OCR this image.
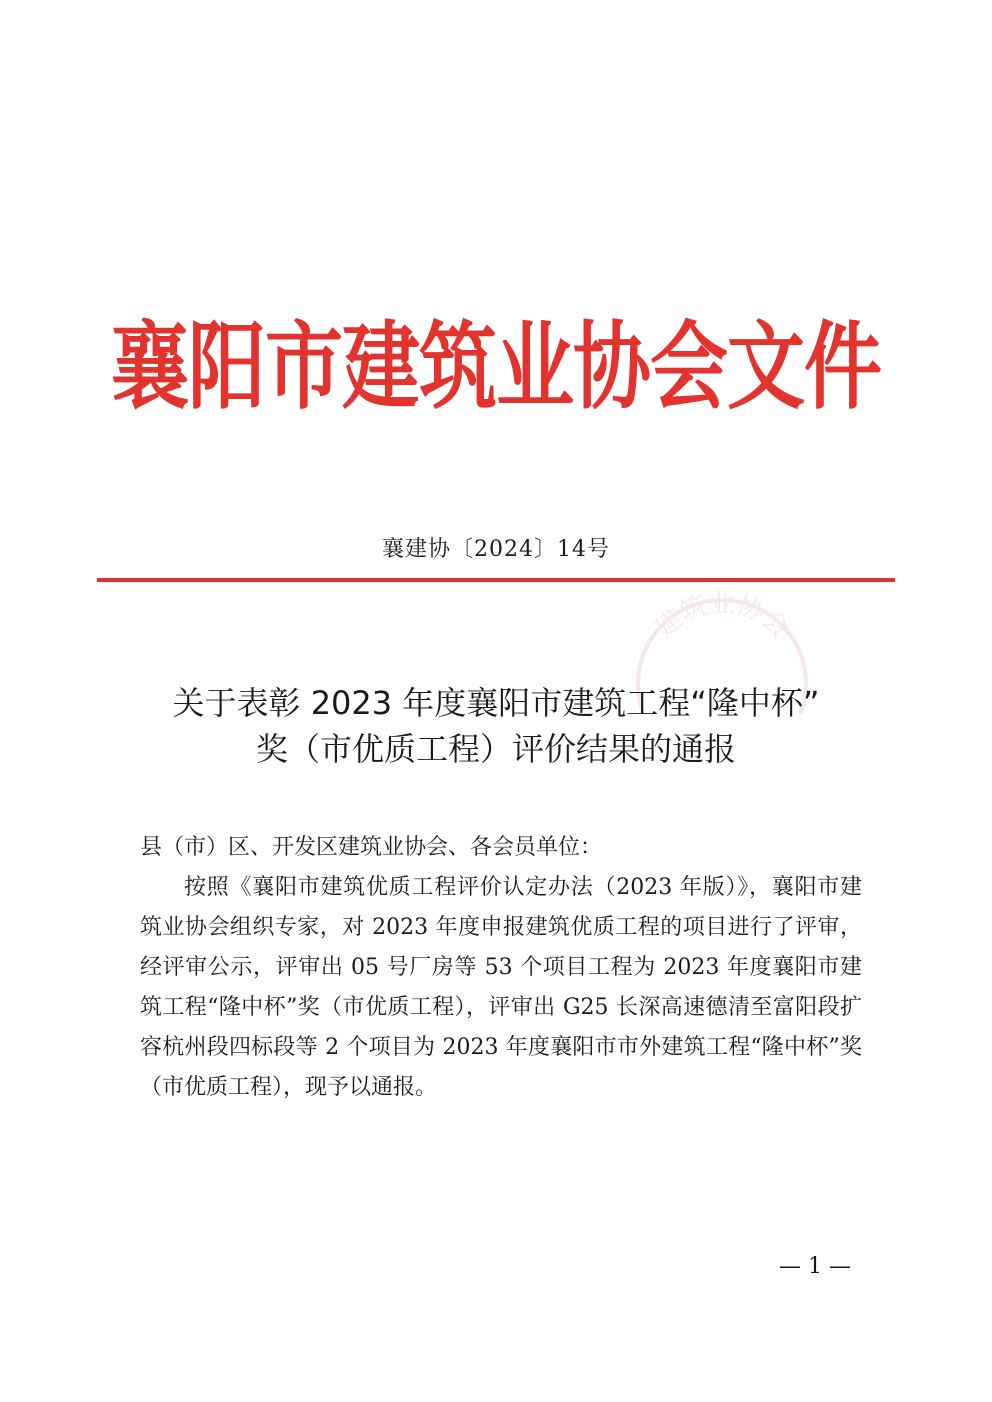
襄阳市建筑业协会文件
襄建协〔2024〕14号
建筑业协会
关于表彰 2023 年度襄阳市建筑工程“隆中杯”
奖（市优质工程）评价结果的通报

县（市）区、开发区建筑业协会、各会员单位：

按照《襄阳市建筑优质工程评价认定办法（2023 年版）》，襄阳市建筑业协会组织专家，对 2023 年度申报建筑优质工程的项目进行了评审，经评审公示，评审出 05 号厂房等 53 个项目工程为 2023 年度襄阳市建筑工程“隆中杯”奖（市优质工程），评审出 G25 长深高速德清至富阳段扩容杭州段四标段等 2 个项目为 2023 年度襄阳市市外建筑工程“隆中杯”奖（市优质工程），现予以通报。

— 1 —
